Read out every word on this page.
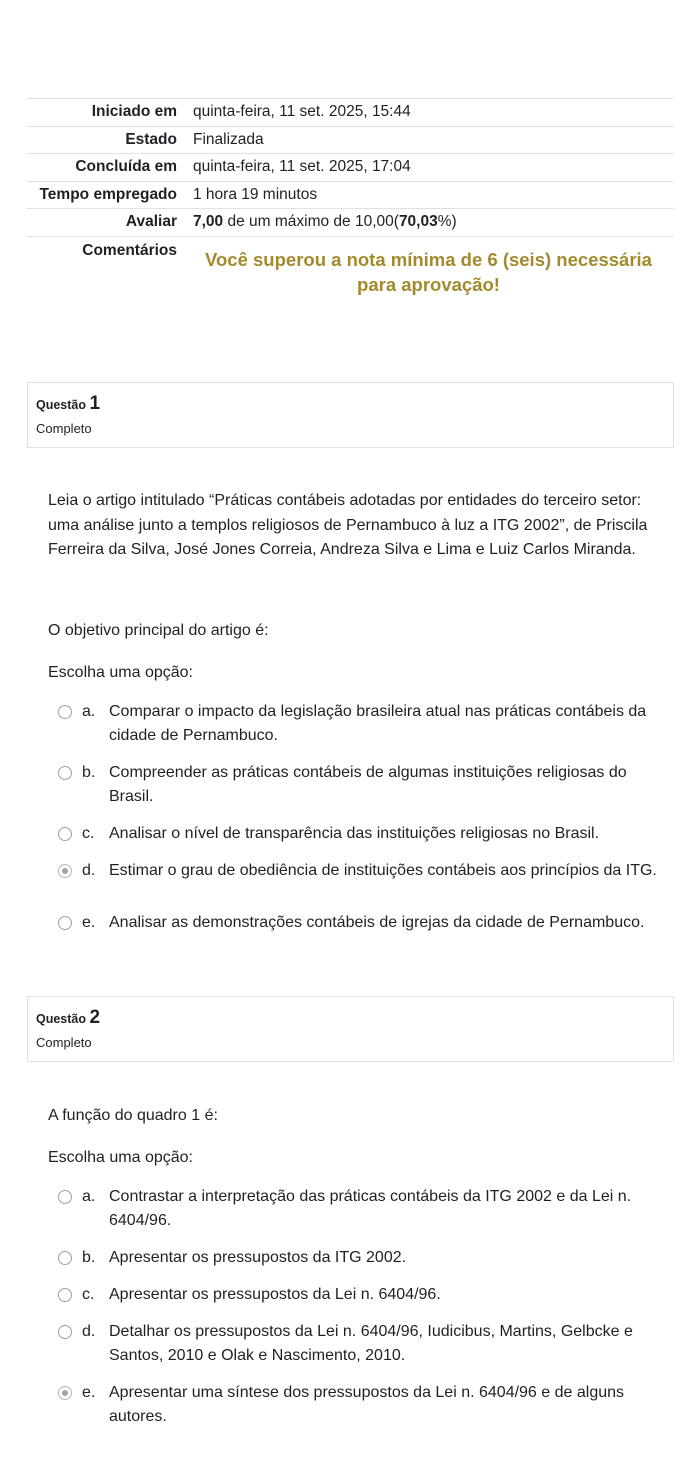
Iniciado em	quinta-feira, 11 set. 2025, 15:44
Estado	Finalizada
Concluída em	quinta-feira, 11 set. 2025, 17:04
Tempo empregado	1 hora 19 minutos
Avaliar	7,00 de um máximo de 10,00(70,03%)
Comentários	Você superou a nota mínima de 6 (seis) necessária para aprovação!
Questão 1
Completo
Leia o artigo intitulado “Práticas contábeis adotadas por entidades do terceiro setor: uma análise junto a templos religiosos de Pernambuco à luz a ITG 2002”, de Priscila Ferreira da Silva, José Jones Correia, Andreza Silva e Lima e Luiz Carlos Miranda.
O objetivo principal do artigo é:
Escolha uma opção:
a. Comparar o impacto da legislação brasileira atual nas práticas contábeis da cidade de Pernambuco.
b. Compreender as práticas contábeis de algumas instituições religiosas do Brasil.
c. Analisar o nível de transparência das instituições religiosas no Brasil.
d. Estimar o grau de obediência de instituições contábeis aos princípios da ITG.
e. Analisar as demonstrações contábeis de igrejas da cidade de Pernambuco.
Questão 2
Completo
A função do quadro 1 é:
Escolha uma opção:
a. Contrastar a interpretação das práticas contábeis da ITG 2002 e da Lei n. 6404/96.
b. Apresentar os pressupostos da ITG 2002.
c. Apresentar os pressupostos da Lei n. 6404/96.
d. Detalhar os pressupostos da Lei n. 6404/96, Iudicibus, Martins, Gelbcke e Santos, 2010 e Olak e Nascimento, 2010.
e. Apresentar uma síntese dos pressupostos da Lei n. 6404/96 e de alguns autores.
